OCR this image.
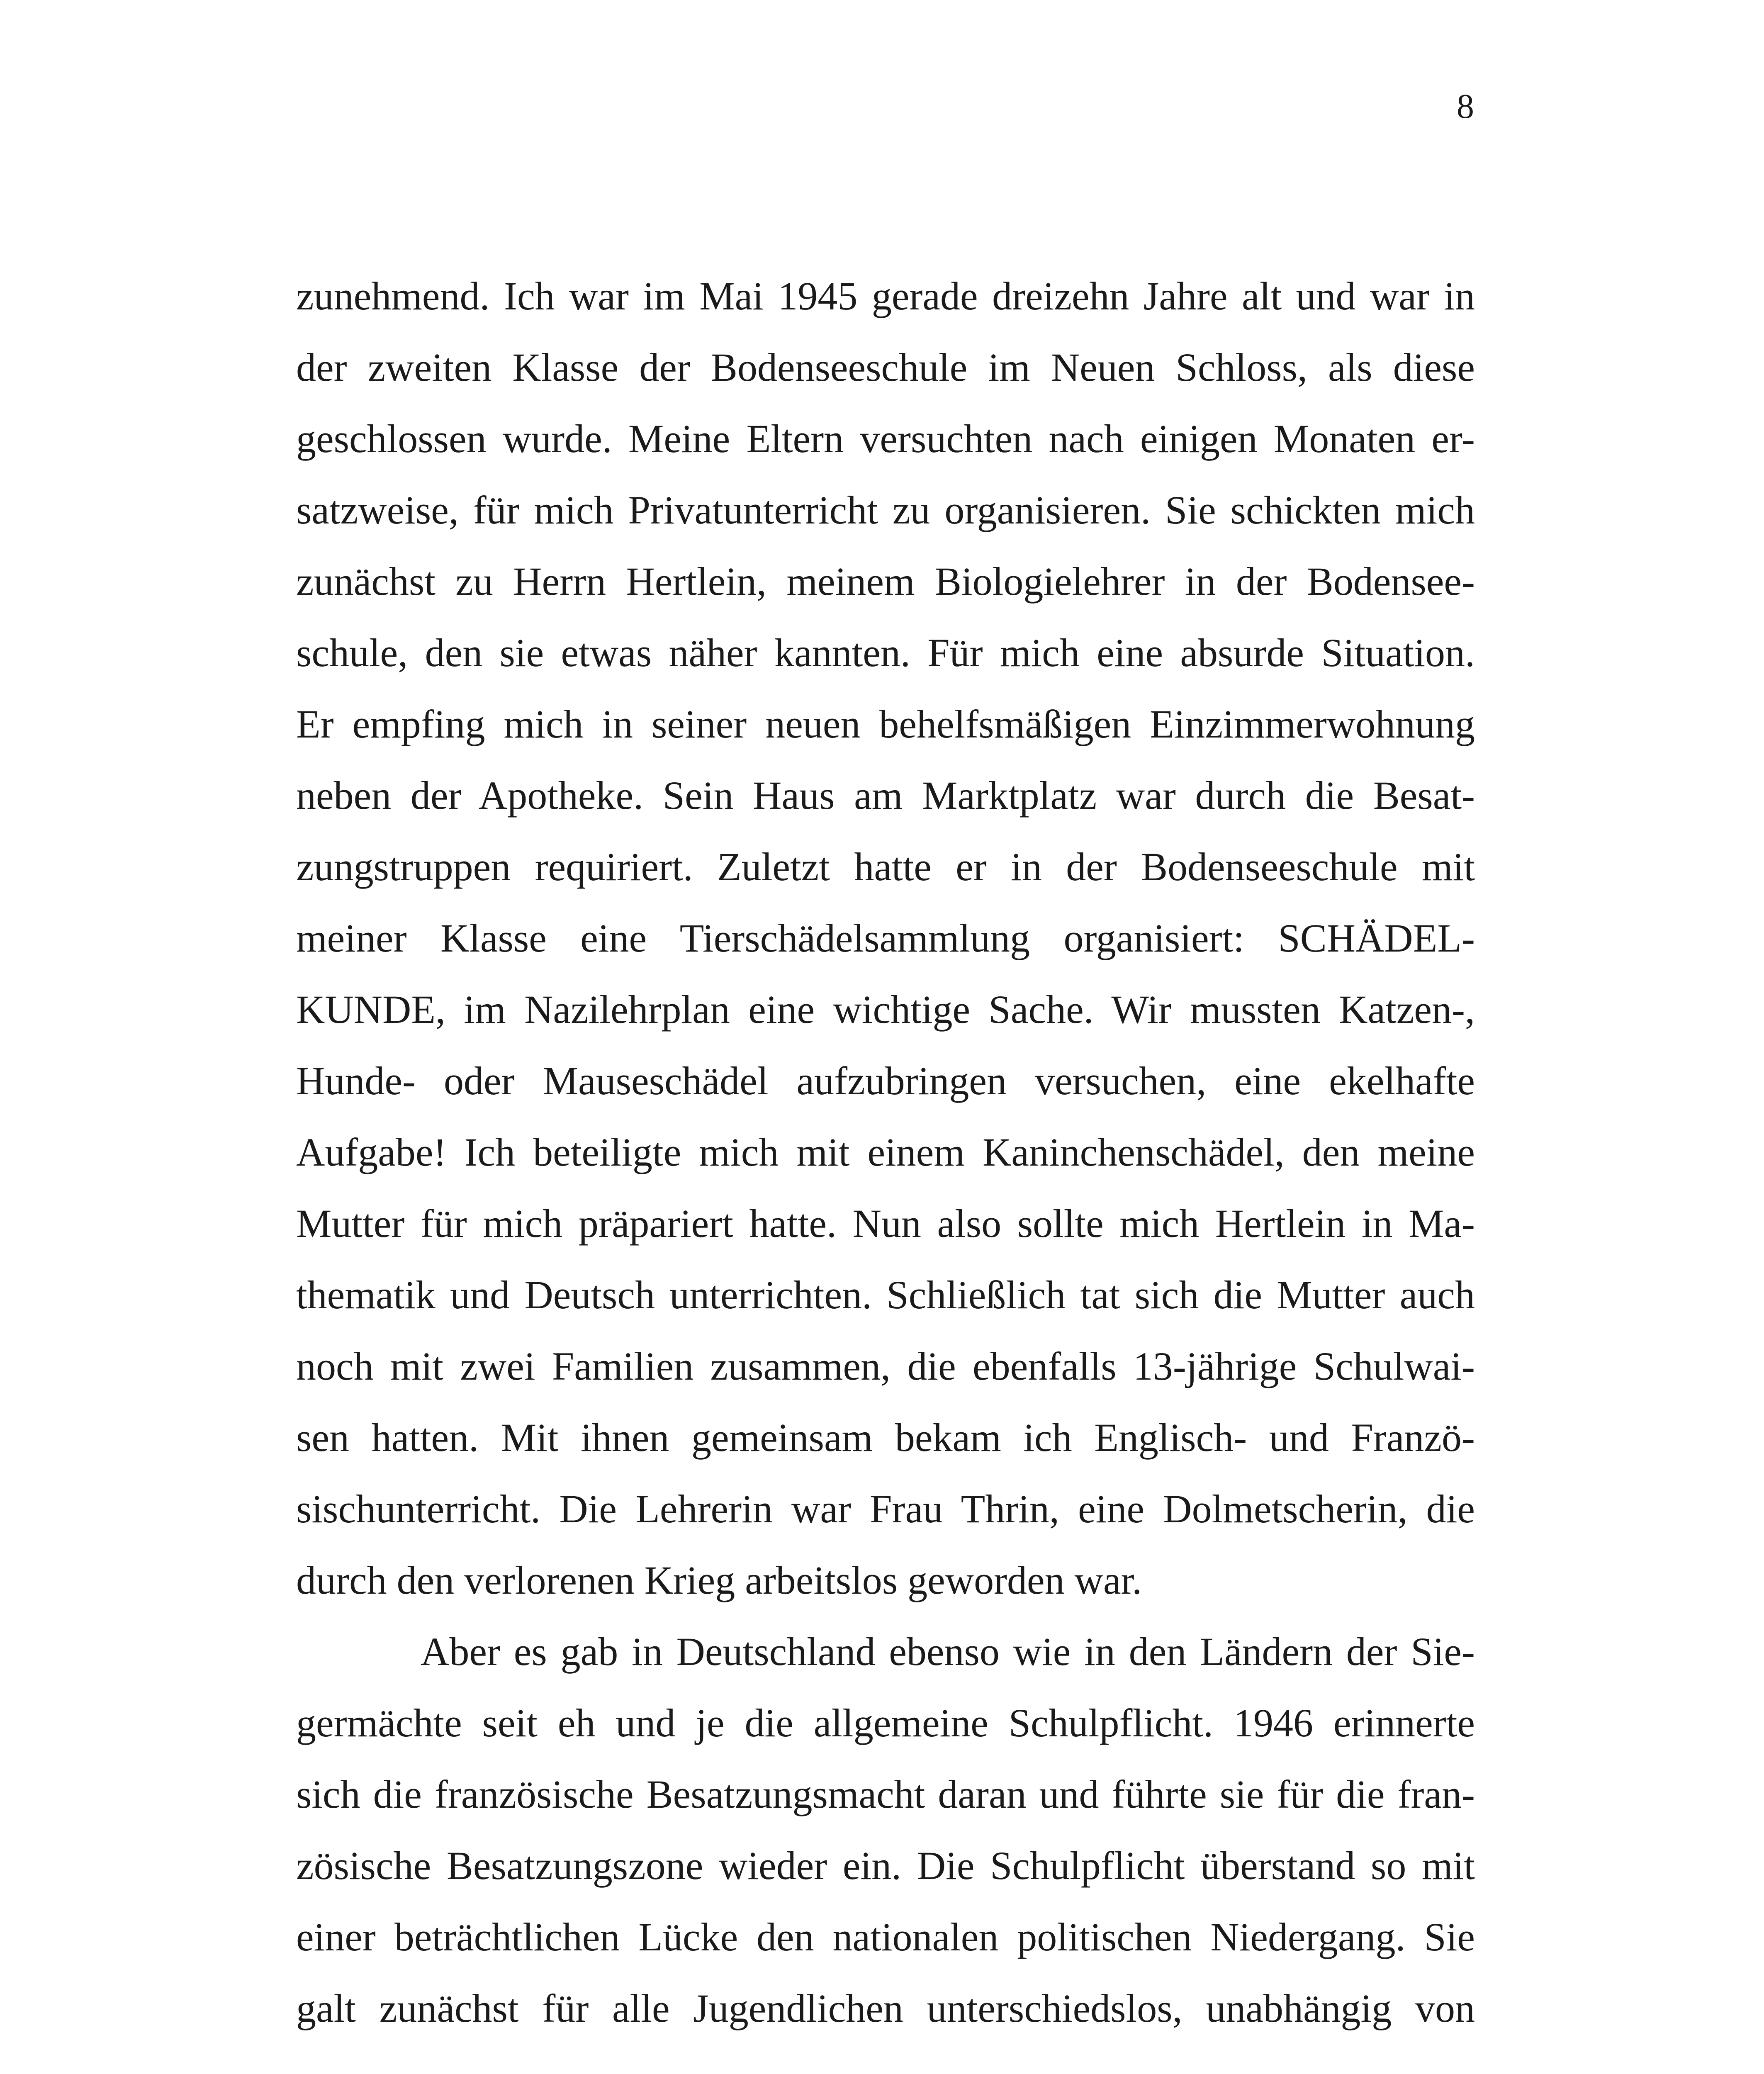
8
zunehmend. Ich war im Mai 1945 gerade dreizehn Jahre alt und war in
der zweiten Klasse der Bodenseeschule im Neuen Schloss, als diese
geschlossen wurde. Meine Eltern versuchten nach einigen Monaten er-
satzweise, für mich Privatunterricht zu organisieren. Sie schickten mich
zunächst zu Herrn Hertlein, meinem Biologielehrer in der Bodensee-
schule, den sie etwas näher kannten. Für mich eine absurde Situation.
Er empfing mich in seiner neuen behelfsmäßigen Einzimmerwohnung
neben der Apotheke. Sein Haus am Marktplatz war durch die Besat-
zungstruppen requiriert. Zuletzt hatte er in der Bodenseeschule mit
meiner Klasse eine Tierschädelsammlung organisiert: SCHÄDEL-
KUNDE, im Nazilehrplan eine wichtige Sache. Wir mussten Katzen-,
Hunde- oder Mauseschädel aufzubringen versuchen, eine ekelhafte
Aufgabe! Ich beteiligte mich mit einem Kaninchenschädel, den meine
Mutter für mich präpariert hatte. Nun also sollte mich Hertlein in Ma-
thematik und Deutsch unterrichten. Schließlich tat sich die Mutter auch
noch mit zwei Familien zusammen, die ebenfalls 13-jährige Schulwai-
sen hatten. Mit ihnen gemeinsam bekam ich Englisch- und Franzö-
sischunterricht. Die Lehrerin war Frau Thrin, eine Dolmetscherin, die
durch den verlorenen Krieg arbeitslos geworden war.
Aber es gab in Deutschland ebenso wie in den Ländern der Sie-
germächte seit eh und je die allgemeine Schulpflicht. 1946 erinnerte
sich die französische Besatzungsmacht daran und führte sie für die fran-
zösische Besatzungszone wieder ein. Die Schulpflicht überstand so mit
einer beträchtlichen Lücke den nationalen politischen Niedergang. Sie
galt zunächst für alle Jugendlichen unterschiedslos, unabhängig von
